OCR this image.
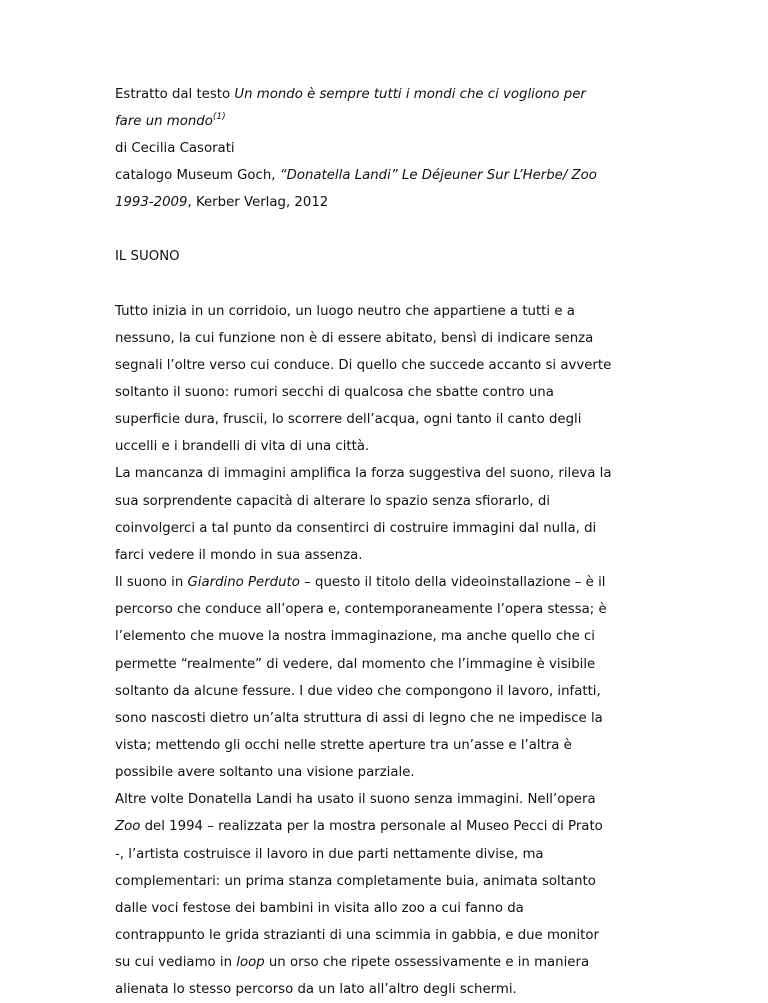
Estratto dal testo Un mondo è sempre tutti i mondi che ci vogliono per
fare un mondo$^{(1)}$
di Cecilia Casorati
catalogo Museum Goch, “Donatella Landi” Le Déjeuner Sur L’Herbe/ Zoo
1993-2009, Kerber Verlag, 2012
IL SUONO
Tutto inizia in un corridoio, un luogo neutro che appartiene a tutti e a
nessuno, la cui funzione non è di essere abitato, bensì di indicare senza
segnali l’oltre verso cui conduce. Di quello che succede accanto si avverte
soltanto il suono: rumori secchi di qualcosa che sbatte contro una
superficie dura, fruscii, lo scorrere dell’acqua, ogni tanto il canto degli
uccelli e i brandelli di vita di una città.
La mancanza di immagini amplifica la forza suggestiva del suono, rileva la
sua sorprendente capacità di alterare lo spazio senza sfiorarlo, di
coinvolgerci a tal punto da consentirci di costruire immagini dal nulla, di
farci vedere il mondo in sua assenza.
Il suono in Giardino Perduto – questo il titolo della videoinstallazione – è il
percorso che conduce all’opera e, contemporaneamente l’opera stessa; è
l’elemento che muove la nostra immaginazione, ma anche quello che ci
permette “realmente” di vedere, dal momento che l’immagine è visibile
soltanto da alcune fessure. I due video che compongono il lavoro, infatti,
sono nascosti dietro un’alta struttura di assi di legno che ne impedisce la
vista; mettendo gli occhi nelle strette aperture tra un’asse e l’altra è
possibile avere soltanto una visione parziale.
Altre volte Donatella Landi ha usato il suono senza immagini. Nell’opera
Zoo del 1994 – realizzata per la mostra personale al Museo Pecci di Prato
-, l’artista costruisce il lavoro in due parti nettamente divise, ma
complementari: un prima stanza completamente buia, animata soltanto
dalle voci festose dei bambini in visita allo zoo a cui fanno da
contrappunto le grida strazianti di una scimmia in gabbia, e due monitor
su cui vediamo in loop un orso che ripete ossessivamente e in maniera
alienata lo stesso percorso da un lato all’altro degli schermi.
